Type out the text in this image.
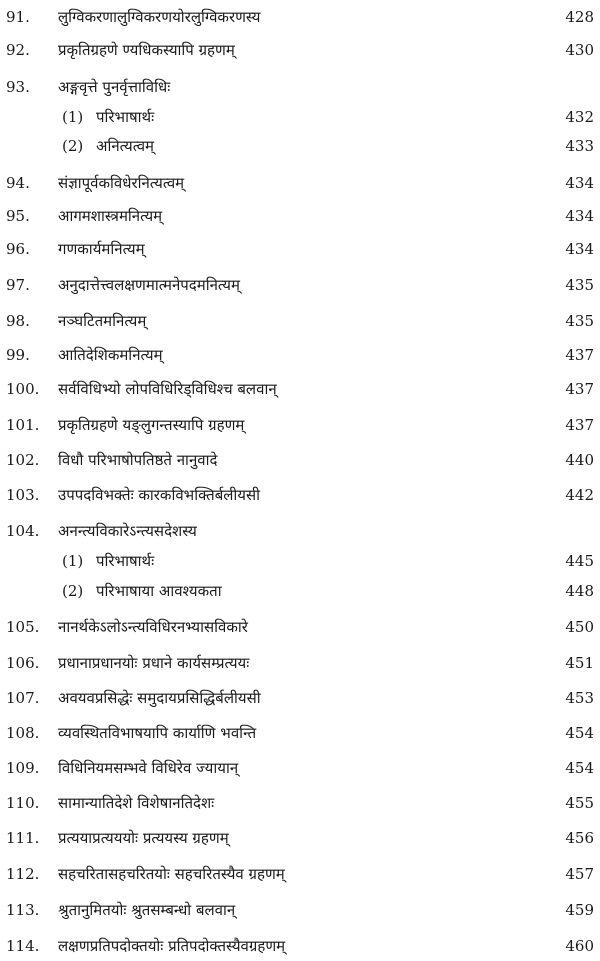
91.	लुग्विकरणालुग्विकरणयोरलुग्विकरणस्य	428
92.	प्रकृतिग्रहणे ण्यधिकस्यापि ग्रहणम्	430
93.	अङ्गवृत्ते पुनर्वृत्ताविधिः
(1) परिभाषार्थः	432
(2) अनित्यत्वम्	433
94.	संज्ञापूर्वकविधेरनित्यत्वम्	434
95.	आगमशास्त्रमनित्यम्	434
96.	गणकार्यमनित्यम्	434
97.	अनुदात्तेत्त्वलक्षणमात्मनेपदमनित्यम्	435
98.	नञ्घटितमनित्यम्	435
99.	आतिदेशिकमनित्यम्	437
100.	सर्वविधिभ्यो लोपविधिरिड्विधिश्च बलवान्	437
101.	प्रकृतिग्रहणे यङ्लुगन्तस्यापि ग्रहणम्	437
102.	विधौ परिभाषोपतिष्ठते नानुवादे	440
103.	उपपदविभक्तेः कारकविभक्तिर्बलीयसी	442
104.	अनन्त्यविकारेऽन्त्यसदेशस्य
(1) परिभाषार्थः	445
(2) परिभाषाया आवश्यकता	448
105.	नानर्थकेऽलोऽन्त्यविधिरनभ्यासविकारे	450
106.	प्रधानाप्रधानयोः प्रधाने कार्यसम्प्रत्ययः	451
107.	अवयवप्रसिद्धेः समुदायप्रसिद्धिर्बलीयसी	453
108.	व्यवस्थितविभाषयापि कार्याणि भवन्ति	454
109.	विधिनियमसम्भवे विधिरेव ज्यायान्	454
110.	सामान्यातिदेशे विशेषानतिदेशः	455
111.	प्रत्ययाप्रत्यययोः प्रत्ययस्य ग्रहणम्	456
112.	सहचरितासहचरितयोः सहचरितस्यैव ग्रहणम्	457
113.	श्रुतानुमितयोः श्रुतसम्बन्धो बलवान्	459
114.	लक्षणप्रतिपदोक्तयोः प्रतिपदोक्तस्यैवग्रहणम्	460
